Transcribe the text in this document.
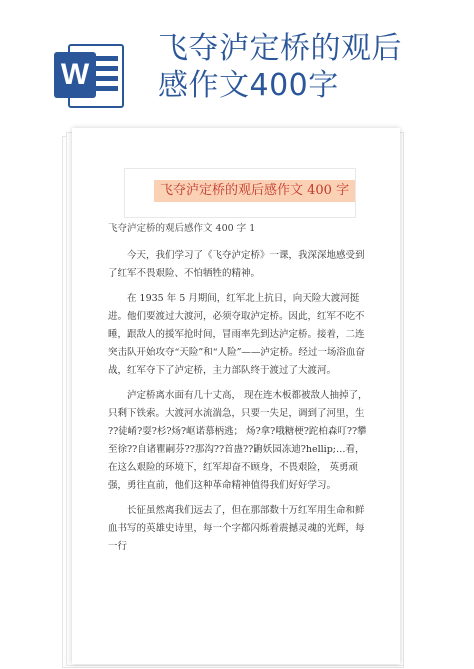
W
飞夺泸定桥的观后
感作文400字
飞夺泸定桥的观后感作文 400 字

飞夺泸定桥的观后感作文 400 字 1

今天，我们学习了《飞夺泸定桥》一课，我深深地感受到了红军不畏艰险、不怕牺牲的精神。

在 1935 年 5 月期间，红军北上抗日，向天险大渡河挺进。他们要渡过大渡河，必须夺取泸定桥。因此，红军不吃不睡，跟敌人的援军抢时间，冒雨率先到达泸定桥。接着，二连突击队开始攻夺“天险”和“人险”——泸定桥。经过一场浴血奋战，红军夺下了泸定桥，主力部队终于渡过了大渡河。

泸定桥离水面有几十丈高， 现在连木板都被敌人抽掉了， 只剩下铁索。大渡河水流湍急，只要一失足，调到了河里，生 ??徒崤?耍?杉?炀?岖诺慕柄逃； 炀?拿?哦糖梗?跎柏森叮??攀至徐??自诸瞿嗣芬??那沟??首蛊??鼩妖园冻迪?hellip;…看，在这么艰险的环境下，红军却奋不顾身，不畏艰险， 英勇顽强，勇往直前，他们这种革命精神值得我们好好学习。

长征虽然离我们远去了，但在那部数十万红军用生命和鲜血书写的英雄史诗里，每一个字都闪烁着震撼灵魂的光辉，每一行
